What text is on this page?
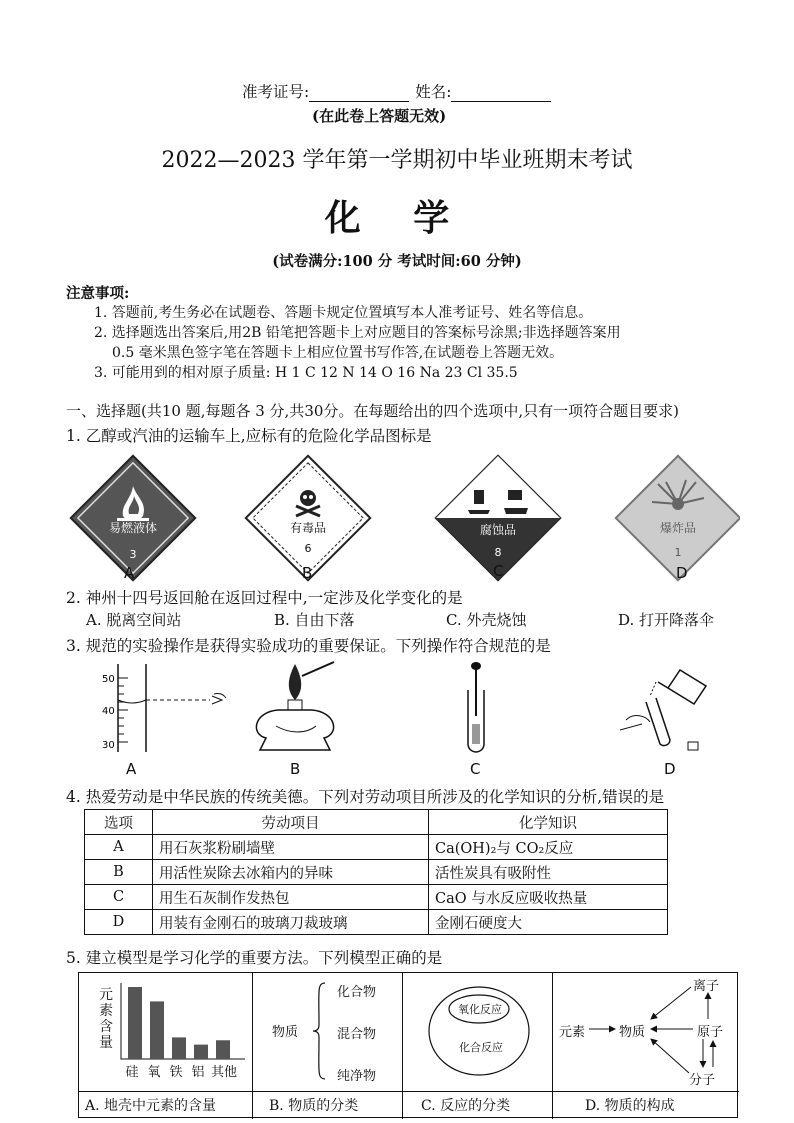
准考证号:	姓名:
(在此卷上答题无效)
2022—2023 学年第一学期初中毕业班期末考试
化 学
(试卷满分:100 分 考试时间:60 分钟)
注意事项:
1. 答题前,考生务必在试题卷、答题卡规定位置填写本人准考证号、姓名等信息。
2. 选择题选出答案后,用2B 铅笔把答题卡上对应题目的答案标号涂黑;非选择题答案用
0.5 毫米黑色签字笔在答题卡上相应位置书写作答,在试题卷上答题无效。
3. 可能用到的相对原子质量: H 1 C 12 N 14 O 16 Na 23 Cl 35.5
一、选择题(共10 题,每题各 3 分,共30分。在每题给出的四个选项中,只有一项符合题目要求)
1. 乙醇或汽油的运输车上,应标有的危险化学品图标是
易燃液体
3
有毒品
6
腐蚀品
8
爆炸品
1
A	B	C	D
2. 神州十四号返回舱在返回过程中,一定涉及化学变化的是
A. 脱离空间站	B. 自由下落	C. 外壳烧蚀	D. 打开降落伞
3. 规范的实验操作是获得实验成功的重要保证。下列操作符合规范的是
50
40
30
A	B	C	D
4. 热爱劳动是中华民族的传统美德。下列对劳动项目所涉及的化学知识的分析,错误的是
选项	劳动项目	化学知识
A	用石灰浆粉刷墙壁	Ca(OH)₂与 CO₂反应
B	用活性炭除去冰箱内的异味	活性炭具有吸附性
C	用生石灰制作发热包	CaO 与水反应吸收热量
D	用装有金刚石的玻璃刀裁玻璃	金刚石硬度大
5. 建立模型是学习化学的重要方法。下列模型正确的是
元
素
含
量
硅 氧 铁 铝 其他
物质
化合物
混合物
纯净物
氧化反应
化合反应
元素	物质
离子
原子
分子
A. 地壳中元素的含量	B. 物质的分类	C. 反应的分类	D. 物质的构成
